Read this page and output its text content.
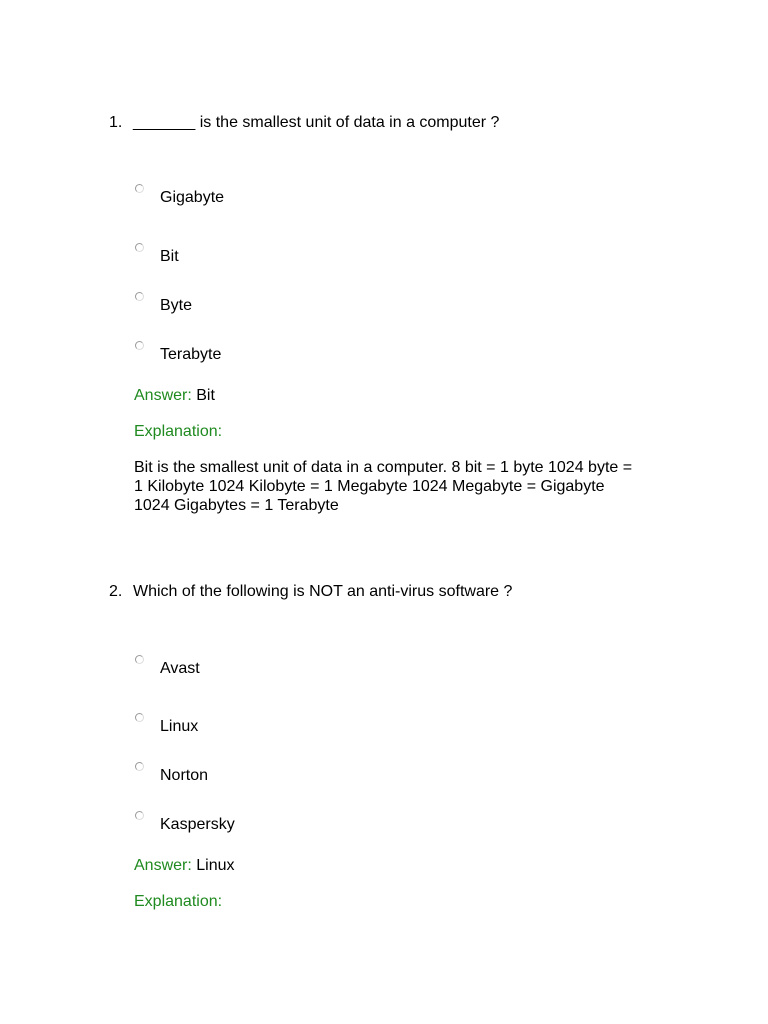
1. _______ is the smallest unit of data in a computer ?
Gigabyte
Bit
Byte
Terabyte
Answer: Bit
Explanation:
Bit is the smallest unit of data in a computer. 8 bit = 1 byte 1024 byte =
1 Kilobyte 1024 Kilobyte = 1 Megabyte 1024 Megabyte = Gigabyte
1024 Gigabytes = 1 Terabyte
2. Which of the following is NOT an anti-virus software ?
Avast
Linux
Norton
Kaspersky
Answer: Linux
Explanation:
